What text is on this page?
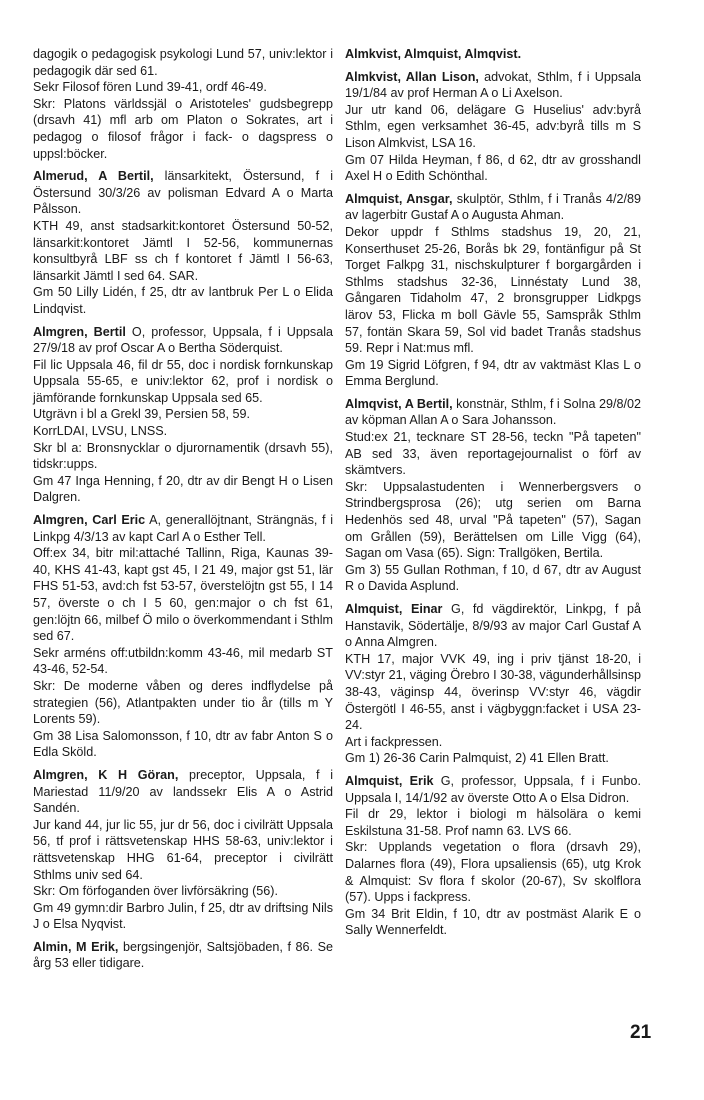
dagogik o pedagogisk psykologi Lund 57, univ:lektor i pedagogik där sed 61.

Sekr Filosof fören Lund 39-41, ordf 46-49.

Skr: Platons världssjäl o Aristoteles' gudsbegrepp (drsavh 41) mfl arb om Platon o Sokrates, art i pedagog o filosof frågor i fack- o dagspress o uppsl:böcker.

Almerud, A Bertil, länsarkitekt, Östersund, f i Östersund 30/3/26 av polisman Edvard A o Marta Pålsson.

KTH 49, anst stadsarkit:kontoret Östersund 50-52, länsarkit:kontoret Jämtl I 52-56, kommunernas konsultbyrå LBF ss ch f kontoret f Jämtl I 56-63, länsarkit Jämtl I sed 64. SAR.

Gm 50 Lilly Lidén, f 25, dtr av lantbruk Per L o Elida Lindqvist.

Almgren, Bertil O, professor, Uppsala, f i Uppsala 27/9/18 av prof Oscar A o Bertha Söderquist.

Fil lic Uppsala 46, fil dr 55, doc i nordisk fornkunskap Uppsala 55-65, e univ:lektor 62, prof i nordisk o jämförande fornkunskap Uppsala sed 65.

Utgrävn i bl a Grekl 39, Persien 58, 59.

KorrLDAI, LVSU, LNSS.

Skr bl a: Bronsnycklar o djurornamentik (drsavh 55), tidskr:upps.

Gm 47 Inga Henning, f 20, dtr av dir Bengt H o Lisen Dalgren.

Almgren, Carl Eric A, generallöjtnant, Strängnäs, f i Linkpg 4/3/13 av kapt Carl A o Esther Tell.

Off:ex 34, bitr mil:attaché Tallinn, Riga, Kaunas 39-40, KHS 41-43, kapt gst 45, I 21 49, major gst 51, lär FHS 51-53, avd:ch fst 53-57, överstelöjtn gst 55, I 14 57, överste o ch I 5 60, gen:major o ch fst 61, gen:löjtn 66, milbef Ö milo o överkommendant i Sthlm sed 67.

Sekr arméns off:utbildn:komm 43-46, mil medarb ST 43-46, 52-54.

Skr: De moderne våben og deres indflydelse på strategien (56), Atlantpakten under tio år (tills m Y Lorents 59).

Gm 38 Lisa Salomonsson, f 10, dtr av fabr Anton S o Edla Sköld.

Almgren, K H Göran, preceptor, Uppsala, f i Mariestad 11/9/20 av landssekr Elis A o Astrid Sandén.

Jur kand 44, jur lic 55, jur dr 56, doc i civilrätt Uppsala 56, tf prof i rättsvetenskap HHS 58-63, univ:lektor i rättsvetenskap HHG 61-64, preceptor i civilrätt Sthlms univ sed 64.

Skr: Om förfoganden över livförsäkring (56).

Gm 49 gymn:dir Barbro Julin, f 25, dtr av driftsing Nils J o Elsa Nyqvist.

Almin, M Erik, bergsingenjör, Saltsjöbaden, f 86. Se årg 53 eller tidigare.

Almkvist, Almquist, Almqvist.

Almkvist, Allan Lison, advokat, Sthlm, f i Uppsala 19/1/84 av prof Herman A o Li Axelson.

Jur utr kand 06, delägare G Huselius' adv:byrå Sthlm, egen verksamhet 36-45, adv:byrå tills m S Lison Almkvist, LSA 16.

Gm 07 Hilda Heyman, f 86, d 62, dtr av grosshandl Axel H o Edith Schönthal.

Almquist, Ansgar, skulptör, Sthlm, f i Tranås 4/2/89 av lagerbitr Gustaf A o Augusta Ahman.

Dekor uppdr f Sthlms stadshus 19, 20, 21, Konserthuset 25-26, Borås bk 29, fontänfigur på St Torget Falkpg 31, nischskulpturer f borgargården i Sthlms stadshus 32-36, Linnéstaty Lund 38, Gångaren Tidaholm 47, 2 bronsgrupper Lidkpgs lärov 53, Flicka m boll Gävle 55, Samspråk Sthlm 57, fontän Skara 59, Sol vid badet Tranås stadshus 59. Repr i Nat:mus mfl.

Gm 19 Sigrid Löfgren, f 94, dtr av vaktmäst Klas L o Emma Berglund.

Almqvist, A Bertil, konstnär, Sthlm, f i Solna 29/8/02 av köpman Allan A o Sara Johansson.

Stud:ex 21, tecknare ST 28-56, teckn "På tapeten" AB sed 33, även reportagejournalist o förf av skämtvers.

Skr: Uppsalastudenten i Wennerbergsvers o Strindbergsprosa (26); utg serien om Barna Hedenhös sed 48, urval "På tapeten" (57), Sagan om Grållen (59), Berättelsen om Lille Vigg (64), Sagan om Vasa (65). Sign: Trallgöken, Bertila.

Gm 3) 55 Gullan Rothman, f 10, d 67, dtr av August R o Davida Asplund.

Almquist, Einar G, fd vägdirektör, Linkpg, f på Hanstavik, Södertälje, 8/9/93 av major Carl Gustaf A o Anna Almgren.

KTH 17, major VVK 49, ing i priv tjänst 18-20, i VV:styr 21, väging Örebro I 30-38, vägunderhållsinsp 38-43, väginsp 44, överinsp VV:styr 46, vägdir Östergötl I 46-55, anst i vägbyggn:facket i USA 23-24.

Art i fackpressen.

Gm 1) 26-36 Carin Palmquist, 2) 41 Ellen Bratt.

Almquist, Erik G, professor, Uppsala, f i Funbo. Uppsala I, 14/1/92 av överste Otto A o Elsa Didron.

Fil dr 29, lektor i biologi m hälsolära o kemi Eskilstuna 31-58. Prof namn 63. LVS 66.

Skr: Upplands vegetation o flora (drsavh 29), Dalarnes flora (49), Flora upsaliensis (65), utg Krok & Almquist: Sv flora f skolor (20-67), Sv skolflora (57). Upps i fackpress.

Gm 34 Brit Eldin, f 10, dtr av postmäst Alarik E o Sally Wennerfeldt.

21
